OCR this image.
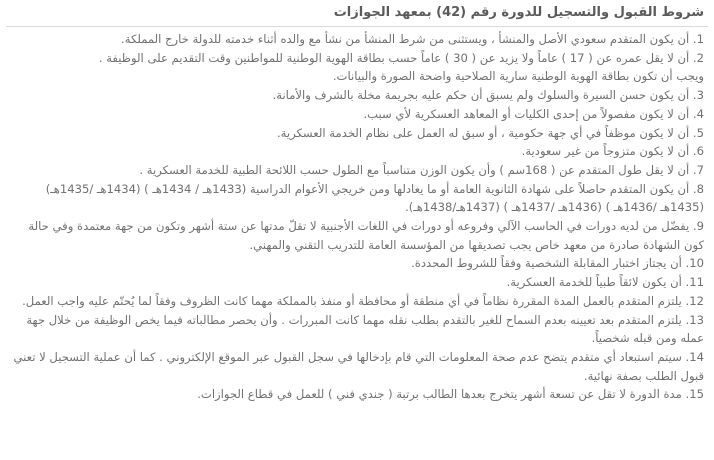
شروط القبول والتسجيل للدورة رقم (42) بمعهد الجوازات
1. أن يكون المتقدم سعودي الأصل والمنشأ ، ويستثنى من شرط المنشأ من نشأ مع والده أثناء خدمته للدولة خارج المملكة.
2. أن لا يقل عمره عن ( 17 ) عاماً ولا يزيد عن ( 30 ) عاماً حسب بطاقة الهوية الوطنية للمواطنين وقت التقديم على الوظيفة .
ويجب أن تكون بطاقة الهوية الوطنية سارية الصلاحية واضحة الصورة والبيانات.
3. أن يكون حسن السيرة والسلوك ولم يسبق أن حكم عليه بجريمة مخلة بالشرف والأمانة.
4. أن لا يكون مفصولاً من إحدى الكليات أو المعاهد العسكرية لأي سبب.
5. أن لا يكون موظفاً في أي جهة حكومية ، أو سبق له العمل على نظام الخدمة العسكرية.
6. أن لا يكون متزوجاً من غير سعودية.
7. أن لا يقل طول المتقدم عن ( 168سم ) وأن يكون الوزن متناسباً مع الطول حسب اللائحة الطبية للخدمة العسكرية .
8. أن يكون المتقدم حاصلاً على شهادة الثانوية العامة أو ما يعادلها ومن خريجي الأعوام الدراسية (1433هـ / 1434هـ ) (1434هـ /1435هـ) (1435هـ /1436هـ ) (1436هـ /1437هـ ) (1437هـ/1438هـ).
9. يفضّل من لديه دورات في الحاسب الآلي وفروعه أو دورات في اللغات الأجنبية لا تقلّ مدتها عن ستة أشهر وتكون من جهة معتمدة وفي حالة كون الشهادة صادرة من معهد خاص يجب تصديقها من المؤسسة العامة للتدريب التقني والمهني.
10. أن يجتاز اختبار المقابلة الشخصية وفقاً للشروط المحددة.
11. أن يكون لائقاً طبياً للخدمة العسكرية.
12. يلتزم المتقدم بالعمل المدة المقررة نظاماً في أي منطقة أو محافظة أو منفذ بالمملكة مهما كانت الظروف وفقاً لما يُحتّم عليه واجب العمل.
13. يلتزم المتقدم بعد تعيينه بعدم السماح للغير بالتقدم بطلب نقله مهما كانت المبررات . وأن يحصر مطالباته فيما يخص الوظيفة من خلال جهة عمله ومن قبله شخصياً.
14. سيتم استبعاد أي متقدم يتضح عدم صحة المعلومات التي قام بإدخالها في سجل القبول عبر الموقع الإلكتروني . كما أن عملية التسجيل لا تعني قبول الطلب بصفة نهائية.
15. مدة الدورة لا تقل عن تسعة أشهر يتخرج بعدها الطالب برتبة ( جندي فني ) للعمل في قطاع الجوازات.
